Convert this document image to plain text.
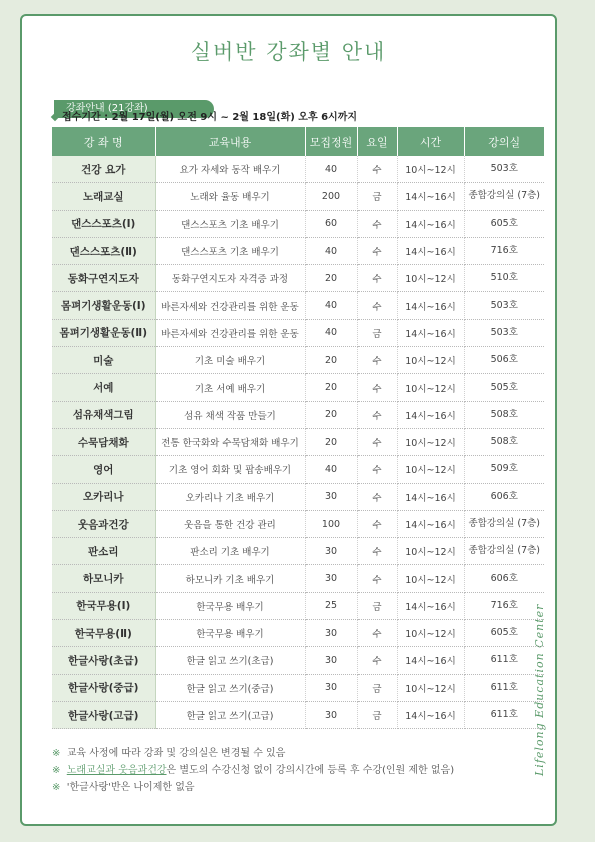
실버반 강좌별 안내
강좌안내 (21강좌)
Lifelong Education Center
접수기간 : 2월 17일(월) 오전 9시 ~ 2월 18일(화) 오후 6시까지
강 좌 명	교육내용	모집정원	요일	시간	강의실
건강 요가	요가 자세와 동작 배우기	40	수	10시~12시	503호
노래교실	노래와 율동 배우기	200	금	14시~16시	종합강의실 (7층)
댄스스포츠(Ⅰ)	댄스스포츠 기초 배우기	60	수	14시~16시	605호
댄스스포츠(Ⅱ)	댄스스포츠 기초 배우기	40	수	14시~16시	716호
동화구연지도자	동화구연지도자 자격증 과정	20	수	10시~12시	510호
몸펴기생활운동(Ⅰ)	바른자세와 건강관리를 위한 운동	40	수	14시~16시	503호
몸펴기생활운동(Ⅱ)	바른자세와 건강관리를 위한 운동	40	금	14시~16시	503호
미술	기초 미술 배우기	20	수	10시~12시	506호
서예	기초 서예 배우기	20	수	10시~12시	505호
섬유채색그림	섬유 채색 작품 만들기	20	수	14시~16시	508호
수묵담채화	전통 한국화와 수묵담채화 배우기	20	수	10시~12시	508호
영어	기초 영어 회화 및 팝송배우기	40	수	10시~12시	509호
오카리나	오카리나 기초 배우기	30	수	14시~16시	606호
웃음과건강	웃음을 통한 건강 관리	100	수	14시~16시	종합강의실 (7층)
판소리	판소리 기초 배우기	30	수	10시~12시	종합강의실 (7층)
하모니카	하모니카 기초 배우기	30	수	10시~12시	606호
한국무용(Ⅰ)	한국무용 배우기	25	금	14시~16시	716호
한국무용(Ⅱ)	한국무용 배우기	30	수	10시~12시	605호
한글사랑(초급)	한글 읽고 쓰기(초급)	30	수	14시~16시	611호
한글사랑(중급)	한글 읽고 쓰기(중급)	30	금	10시~12시	611호
한글사랑(고급)	한글 읽고 쓰기(고급)	30	금	14시~16시	611호
※ 교육 사정에 따라 강좌 및 강의실은 변경될 수 있음
※ 노래교실과 웃음과건강은 별도의 수강신청 없이 강의시간에 등록 후 수강(인원 제한 없음)
※ '한글사랑'반은 나이제한 없음
